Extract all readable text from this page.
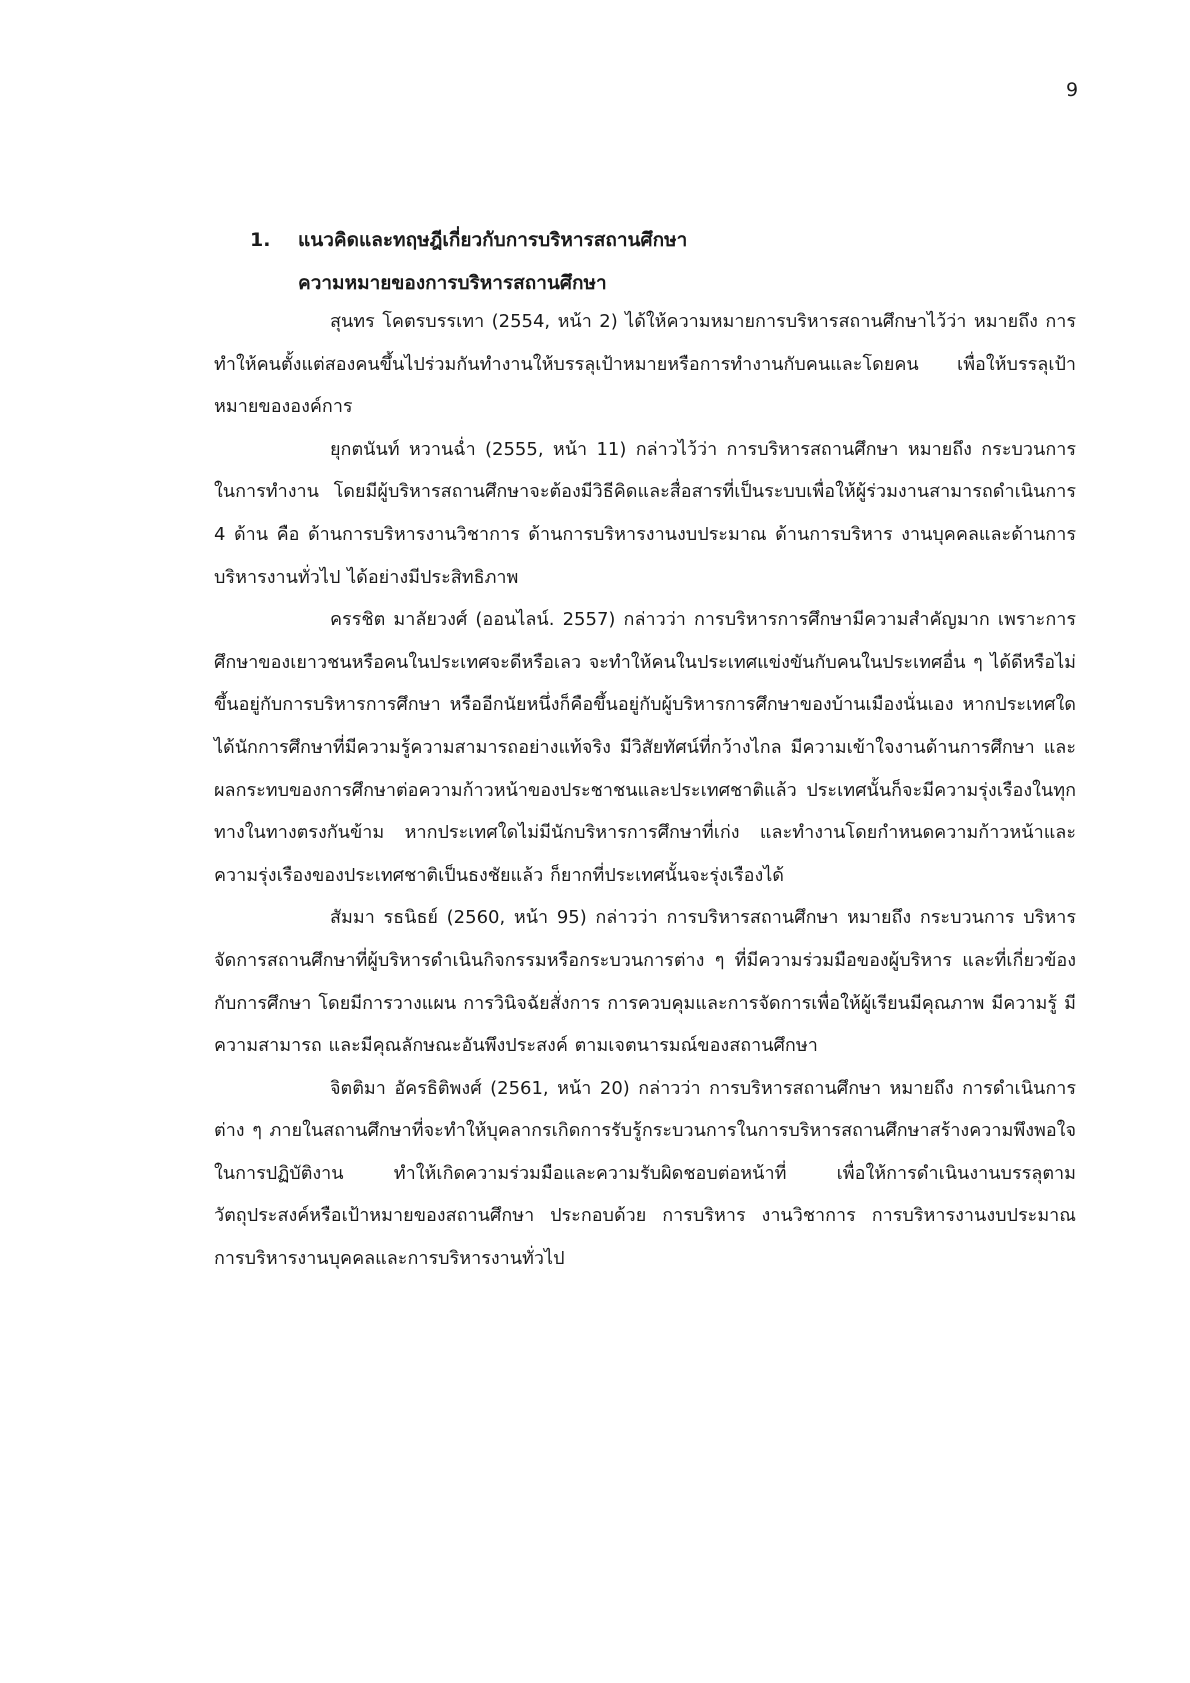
9
1. แนวคิดและทฤษฎีเกี่ยวกับการบริหารสถานศึกษา
ความหมายของการบริหารสถานศึกษา

สุนทร โคตรบรรเทา (2554, หน้า 2) ได้ให้ความหมายการบริหารสถานศึกษาไว้ว่า หมายถึง การทำให้คนตั้งแต่สองคนขึ้นไปร่วมกันทำงานให้บรรลุเป้าหมายหรือการทำงานกับคนและโดยคน เพื่อให้บรรลุเป้าหมายขององค์การ

ยุกตนันท์ หวานฉ่ำ (2555, หน้า 11) กล่าวไว้ว่า การบริหารสถานศึกษา หมายถึง กระบวนการในการทำงาน โดยมีผู้บริหารสถานศึกษาจะต้องมีวิธีคิดและสื่อสารที่เป็นระบบเพื่อให้ผู้ร่วมงานสามารถดำเนินการ 4 ด้าน คือ ด้านการบริหารงานวิชาการ ด้านการบริหารงานงบประมาณ ด้านการบริหาร งานบุคคลและด้านการบริหารงานทั่วไป ได้อย่างมีประสิทธิภาพ

ครรชิต มาลัยวงศ์ (ออนไลน์. 2557) กล่าวว่า การบริหารการศึกษามีความสำคัญมาก เพราะการศึกษาของเยาวชนหรือคนในประเทศจะดีหรือเลว จะทำให้คนในประเทศแข่งขันกับคนในประเทศอื่น ๆ ได้ดีหรือไม่ขึ้นอยู่กับการบริหารการศึกษา หรืออีกนัยหนึ่งก็คือขึ้นอยู่กับผู้บริหารการศึกษาของบ้านเมืองนั่นเอง หากประเทศใดได้นักการศึกษาที่มีความรู้ความสามารถอย่างแท้จริง มีวิสัยทัศน์ที่กว้างไกล มีความเข้าใจงานด้านการศึกษา และผลกระทบของการศึกษาต่อความก้าวหน้าของประชาชนและประเทศชาติแล้ว ประเทศนั้นก็จะมีความรุ่งเรืองในทุกทางในทางตรงกันข้าม หากประเทศใดไม่มีนักบริหารการศึกษาที่เก่ง และทำงานโดยกำหนดความก้าวหน้าและความรุ่งเรืองของประเทศชาติเป็นธงชัยแล้ว ก็ยากที่ประเทศนั้นจะรุ่งเรืองได้

สัมมา รธนิธย์ (2560, หน้า 95) กล่าวว่า การบริหารสถานศึกษา หมายถึง กระบวนการ บริหารจัดการสถานศึกษาที่ผู้บริหารดำเนินกิจกรรมหรือกระบวนการต่าง ๆ ที่มีความร่วมมือของผู้บริหาร และที่เกี่ยวข้องกับการศึกษา โดยมีการวางแผน การวินิจฉัยสั่งการ การควบคุมและการจัดการเพื่อให้ผู้เรียนมีคุณภาพ มีความรู้ มีความสามารถ และมีคุณลักษณะอันพึงประสงค์ ตามเจตนารมณ์ของสถานศึกษา

จิตติมา อัครธิติพงศ์ (2561, หน้า 20) กล่าวว่า การบริหารสถานศึกษา หมายถึง การดำเนินการต่าง ๆ ภายในสถานศึกษาที่จะทำให้บุคลากรเกิดการรับรู้กระบวนการในการบริหารสถานศึกษาสร้างความพึงพอใจในการปฏิบัติงาน ทำให้เกิดความร่วมมือและความรับผิดชอบต่อหน้าที่ เพื่อให้การดำเนินงานบรรลุตามวัตถุประสงค์หรือเป้าหมายของสถานศึกษา ประกอบด้วย การบริหาร งานวิชาการ การบริหารงานงบประมาณ การบริหารงานบุคคลและการบริหารงานทั่วไป
